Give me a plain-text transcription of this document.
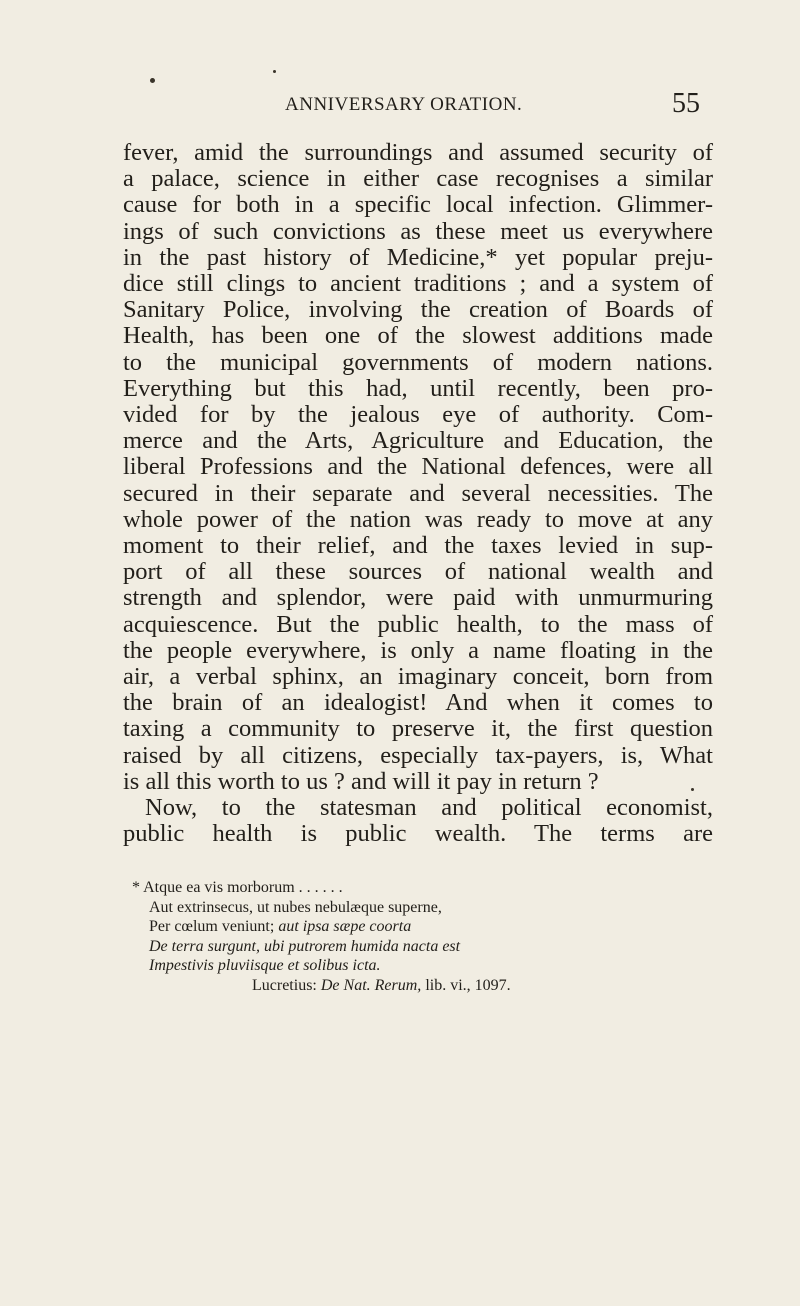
ANNIVERSARY ORATION.	55
fever, amid the surroundings and assumed security of
a palace, science in either case recognises a similar
cause for both in a specific local infection. Glimmer-
ings of such convictions as these meet us everywhere
in the past history of Medicine,* yet popular preju-
dice still clings to ancient traditions ; and a system of
Sanitary Police, involving the creation of Boards of
Health, has been one of the slowest additions made
to the municipal governments of modern nations.
Everything but this had, until recently, been pro-
vided for by the jealous eye of authority. Com-
merce and the Arts, Agriculture and Education, the
liberal Professions and the National defences, were all
secured in their separate and several necessities. The
whole power of the nation was ready to move at any
moment to their relief, and the taxes levied in sup-
port of all these sources of national wealth and
strength and splendor, were paid with unmurmuring
acquiescence. But the public health, to the mass of
the people everywhere, is only a name floating in the
air, a verbal sphinx, an imaginary conceit, born from
the brain of an idealogist! And when it comes to
taxing a community to preserve it, the first question
raised by all citizens, especially tax-payers, is, What
is all this worth to us ? and will it pay in return ?
Now, to the statesman and political economist,
public health is public wealth. The terms are
* Atque ea vis morborum . . . . . .
Aut extrinsecus, ut nubes nebulæque superne,
Per cœlum veniunt; aut ipsa sæpe coorta
De terra surgunt, ubi putrorem humida nacta est
Impestivis pluviisque et solibus icta.
Lucretius: De Nat. Rerum, lib. vi., 1097.
